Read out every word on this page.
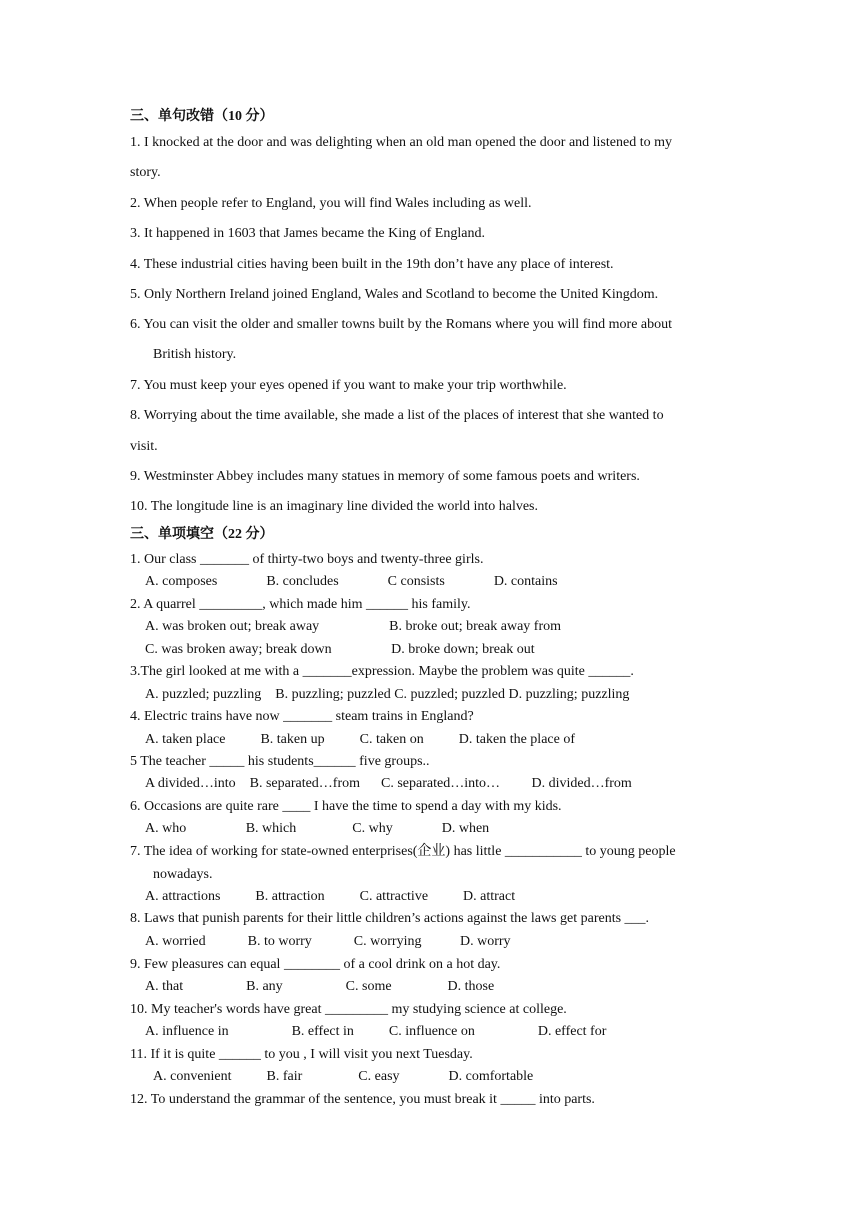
三、单句改错（10 分）
1. I knocked at the door and was delighting when an old man opened the door and listened to my
story.
2. When people refer to England, you will find Wales including as well.
3. It happened in 1603 that James became the King of England.
4. These industrial cities having been built in the 19th don’t have any place of interest.
5. Only Northern Ireland joined England, Wales and Scotland to become the United Kingdom.
6. You can visit the older and smaller towns built by the Romans where you will find more about
British history.
7. You must keep your eyes opened if you want to make your trip worthwhile.
8. Worrying about the time available, she made a list of the places of interest that she wanted to
visit.
9. Westminster Abbey includes many statues in memory of some famous poets and writers.
10. The longitude line is an imaginary line divided the world into halves.
三、单项填空（22 分）
1. Our class _______ of thirty-two boys and twenty-three girls.
A. composes              B. concludes              C consists              D. contains
2. A quarrel _________, which made him ______ his family.
A. was broken out; break away                    B. broke out; break away from
C. was broken away; break down                 D. broke down; break out
3.The girl looked at me with a _______expression. Maybe the problem was quite ______.
A. puzzled; puzzling    B. puzzling; puzzled C. puzzled; puzzled D. puzzling; puzzling
4. Electric trains have now _______ steam trains in England?
A. taken place          B. taken up          C. taken on          D. taken the place of
5 The teacher _____ his students______ five groups..
A divided…into    B. separated…from      C. separated…into…         D. divided…from
6. Occasions are quite rare ____ I have the time to spend a day with my kids.
A. who                 B. which                C. why              D. when
7. The idea of working for state-owned enterprises(企业) has little ___________ to young people
nowadays.
A. attractions          B. attraction          C. attractive          D. attract
8. Laws that punish parents for their little children’s actions against the laws get parents ___.
A. worried            B. to worry            C. worrying           D. worry
9. Few pleasures can equal ________ of a cool drink on a hot day.
A. that                  B. any                  C. some                D. those
10. My teacher's words have great _________ my studying science at college.
A. influence in                  B. effect in          C. influence on                  D. effect for
11. If it is quite ______ to you , I will visit you next Tuesday.
A. convenient          B. fair                C. easy              D. comfortable
12. To understand the grammar of the sentence, you must break it _____ into parts.
